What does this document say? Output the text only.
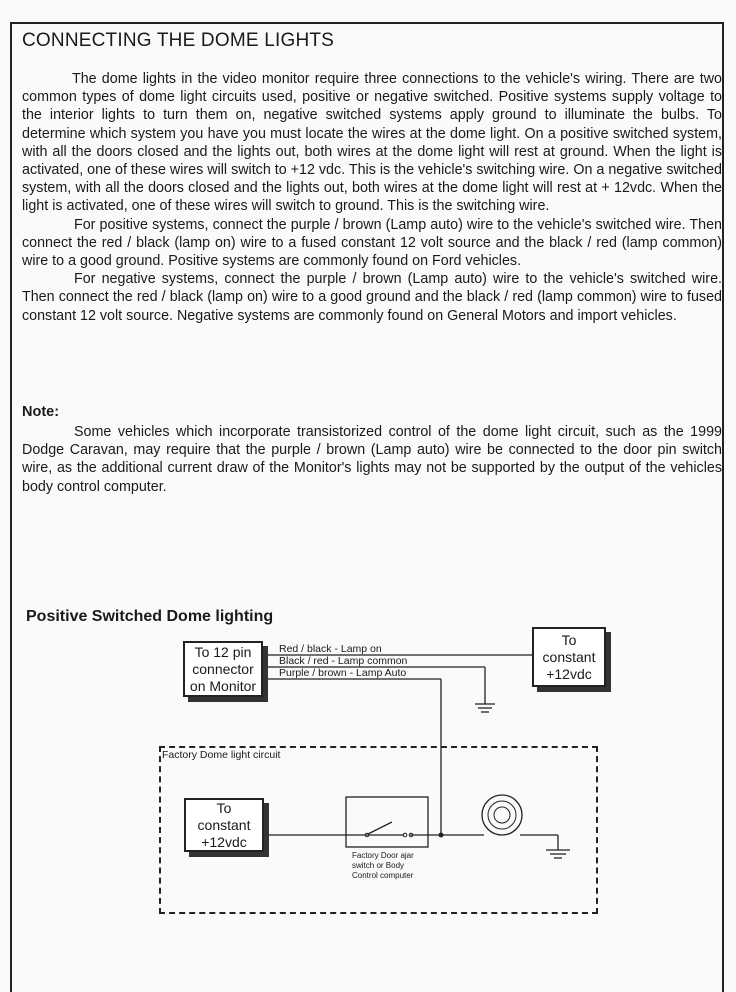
CONNECTING THE DOME LIGHTS

The dome lights in the video monitor require three connections to the vehicle's wiring. There are two common types of dome light circuits used, positive or negative switched. Positive systems supply voltage to the interior lights to turn them on, negative switched systems apply ground to illuminate the bulbs. To determine which system you have you must locate the wires at the dome light. On a positive switched system, with all the doors closed and the lights out, both wires at the dome light will rest at ground. When the light is activated, one of these wires will switch to +12 vdc. This is the vehicle's switching wire. On a negative switched system, with all the doors closed and the lights out, both wires at the dome light will rest at + 12vdc. When the light is activated, one of these wires will switch to ground. This is the switching wire.

For positive systems, connect the purple / brown (Lamp auto) wire to the vehicle's switched wire. Then connect the red / black (lamp on) wire to a fused constant 12 volt source and the black / red (lamp common) wire to a good ground. Positive systems are commonly found on Ford vehicles.

For negative systems, connect the purple / brown (Lamp auto) wire to the vehicle's switched wire. Then connect the red / black (lamp on) wire to a good ground and the black / red (lamp common) wire to fused constant 12 volt source. Negative systems are commonly found on General Motors and import vehicles.

Note:

Some vehicles which incorporate transistorized control of the dome light circuit, such as the 1999 Dodge Caravan, may require that the purple / brown (Lamp auto) wire be connected to the door pin switch wire, as the additional current draw of the Monitor's lights may not be supported by the output of the vehicles body control computer.

Positive Switched Dome lighting
To 12 pin
connector
on Monitor
To
constant
+12vdc
To
constant
+12vdc
Red / black - Lamp on
Black / red - Lamp common
Purple / brown - Lamp Auto
Factory Dome light circuit
Factory Door ajar
switch or Body
Control computer
